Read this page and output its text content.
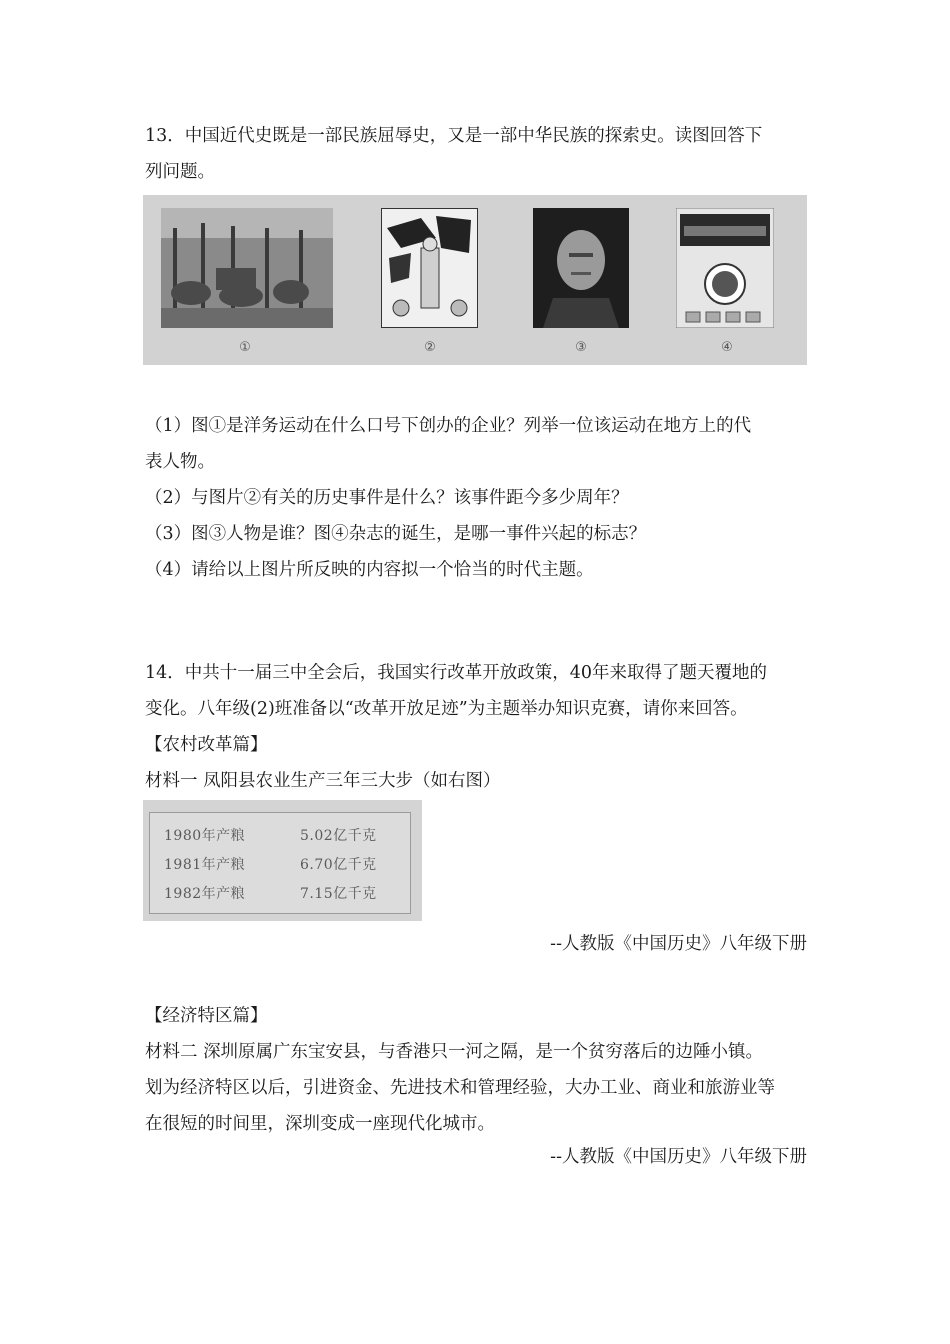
13．中国近代史既是一部民族屈辱史，又是一部中华民族的探索史。读图回答下
列问题。
①	②	③	④
（1）图①是洋务运动在什么口号下创办的企业？列举一位该运动在地方上的代
表人物。
（2）与图片②有关的历史事件是什么？该事件距今多少周年？
（3）图③人物是谁？图④杂志的诞生，是哪一事件兴起的标志？
（4）请给以上图片所反映的内容拟一个恰当的时代主题。
14．中共十一届三中全会后，我国实行改革开放政策，40年来取得了题天覆地的
变化。八年级(2)班准备以“改革开放足迹”为主题举办知识克赛，请你来回答。
【农村改革篇】
材料一 凤阳县农业生产三年三大步（如右图）
1980年产粮	5.02亿千克
1981年产粮	6.70亿千克
1982年产粮	7.15亿千克
--人教版《中国历史》八年级下册
【经济特区篇】
材料二 深圳原属广东宝安县，与香港只一河之隔，是一个贫穷落后的边陲小镇。
划为经济特区以后，引进资金、先进技术和管理经验，大办工业、商业和旅游业等
在很短的时间里，深圳变成一座现代化城市。
--人教版《中国历史》八年级下册
